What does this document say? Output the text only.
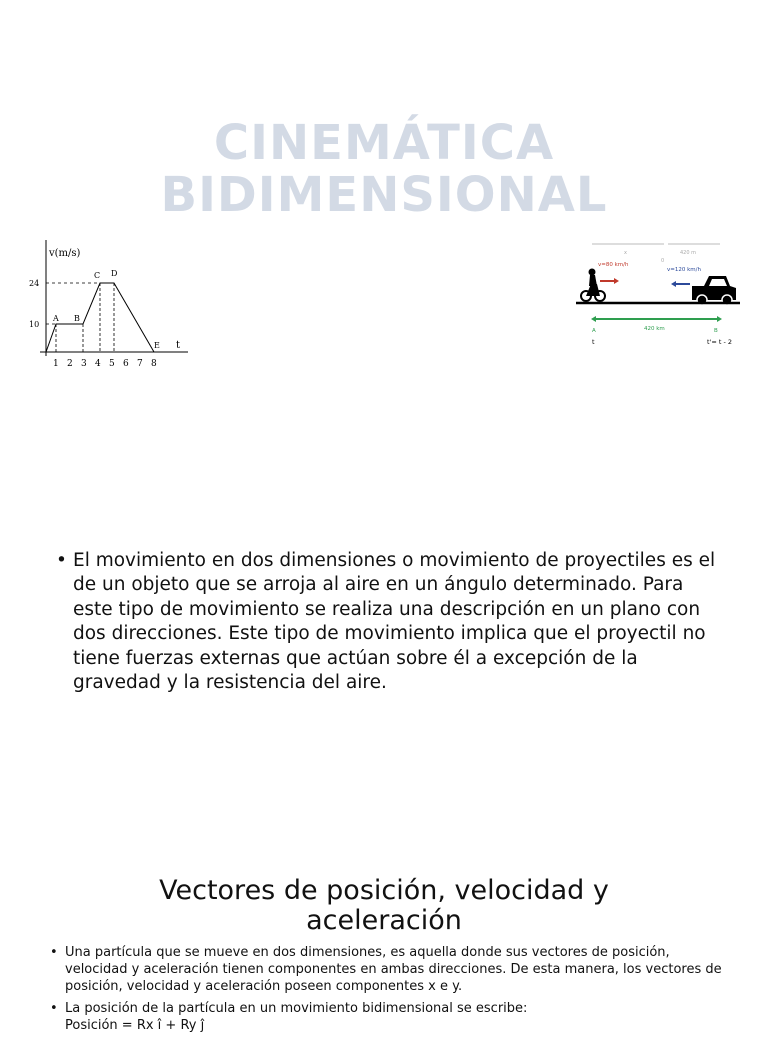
CINEMÁTICA
BIDIMENSIONAL
v(m/s)
t
24
10
A B
C D
E
1 2 3 4 5 6 7 8
x
0
420 m
v=80 km/h
v=120 km/h
A	420 km	B
t	t'= t - 2
• El movimiento en dos dimensiones o movimiento de proyectiles es el de un objeto que se arroja al aire en un ángulo determinado. Para este tipo de movimiento se realiza una descripción en un plano con dos direcciones. Este tipo de movimiento implica que el proyectil no tiene fuerzas externas que actúan sobre él a excepción de la gravedad y la resistencia del aire.
Vectores de posición, velocidad y
aceleración
• Una partícula que se mueve en dos dimensiones, es aquella donde sus vectores de posición, velocidad y aceleración tienen componentes en ambas direcciones. De esta manera, los vectores de posición, velocidad y aceleración poseen componentes x e y.
• La posición de la partícula en un movimiento bidimensional se escribe:
Posición = Rx î + Ry ĵ
